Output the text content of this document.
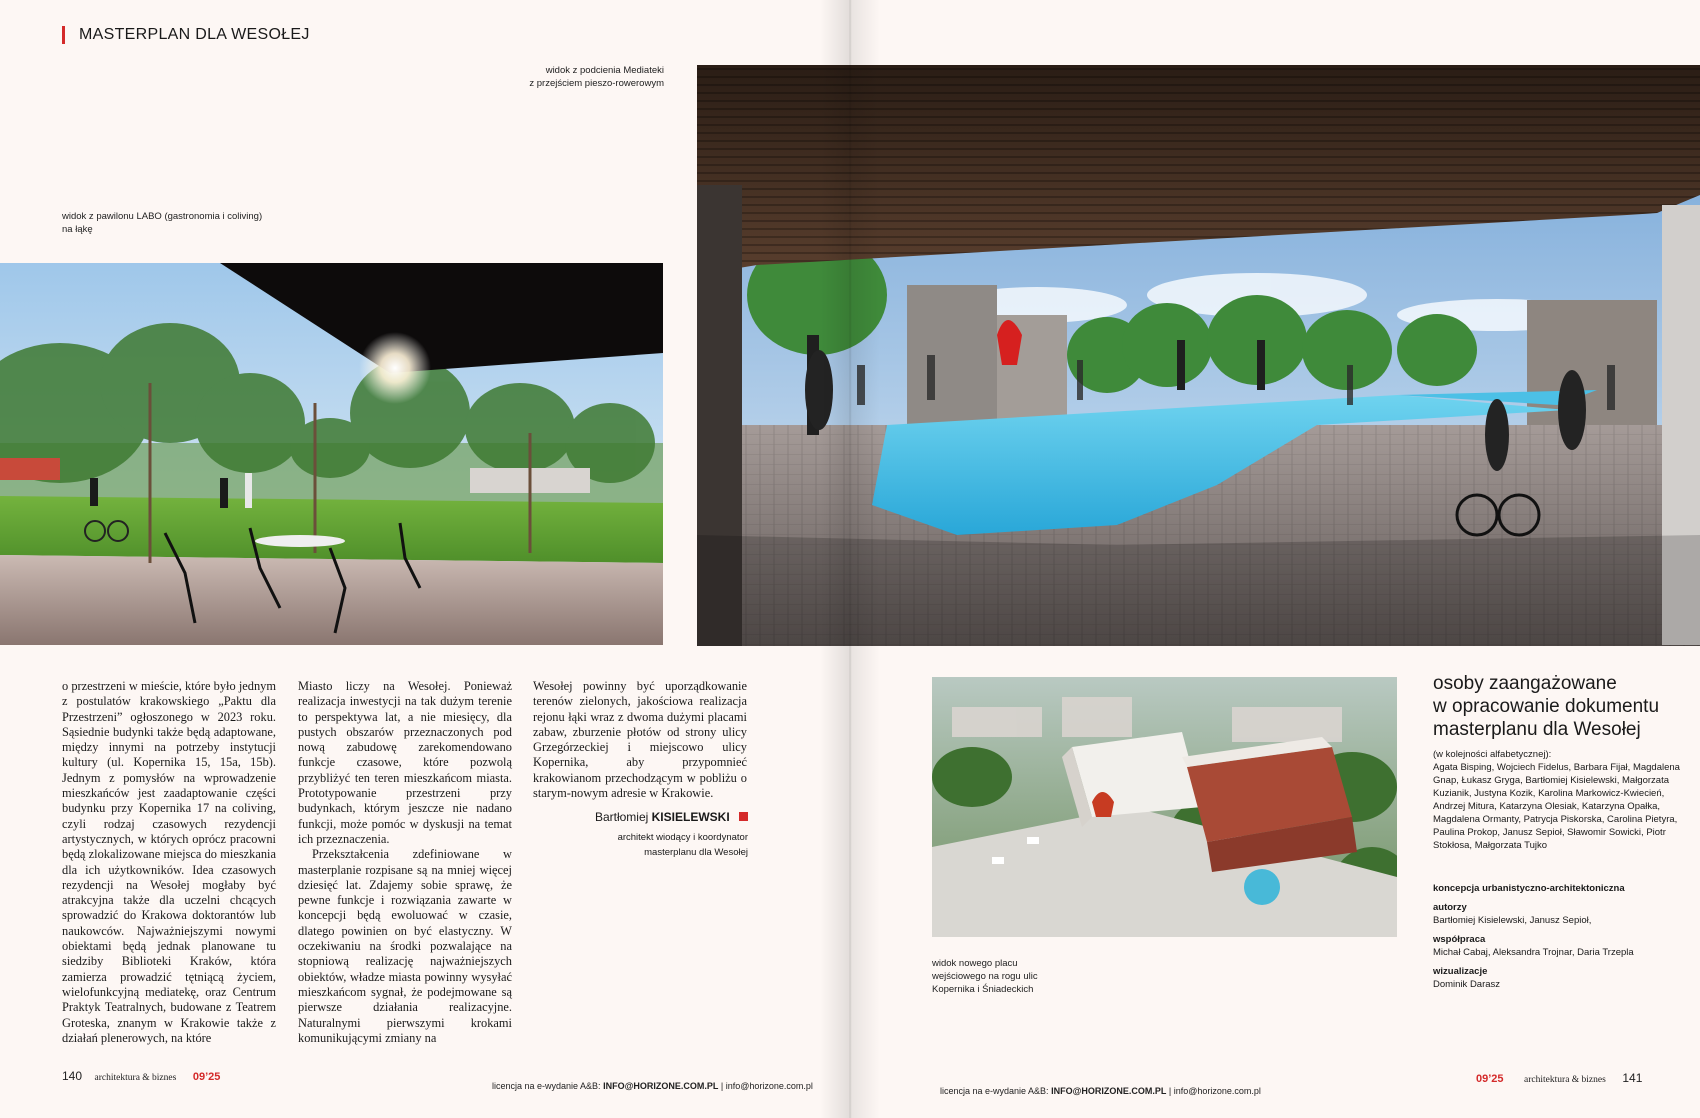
MASTERPLAN DLA WESOŁEJ
widok z pawilonu LABO (gastronomia i coliving)
na łąkę
widok z podcienia Mediateki
z przejściem pieszo-rowerowym

o przestrzeni w mieście, które było jednym z postulatów krakowskiego „Paktu dla Przestrzeni” ogłoszonego w 2023 roku. Sąsiednie budynki także będą adaptowane, między innymi na potrzeby instytucji kultury (ul. Kopernika 15, 15a, 15b). Jednym z pomysłów na wprowadzenie mieszkańców jest zaadaptowanie części budynku przy Kopernika 17 na coliving, czyli rodzaj czasowych rezydencji artystycznych, w których oprócz pracowni będą zlokalizowane miejsca do mieszkania dla ich użytkowników. Idea czasowych rezydencji na Wesołej mogłaby być atrakcyjna także dla uczelni chcących sprowadzić do Krakowa doktorantów lub naukowców. Najważniejszymi nowymi obiektami będą jednak planowane tu siedziby Biblioteki Kraków, która zamierza prowadzić tętniącą życiem, wielofunkcyjną mediatekę, oraz Centrum Praktyk Teatralnych, budowane z Teatrem Groteska, znanym w Krakowie także z działań plenerowych, na które

Miasto liczy na Wesołej. Ponieważ realizacja inwestycji na tak dużym terenie to perspektywa lat, a nie miesięcy, dla pustych obszarów przeznaczonych pod nową zabudowę zarekomendowano funkcje czasowe, które pozwolą przybliżyć ten teren mieszkańcom miasta. Prototypowanie przestrzeni przy budynkach, którym jeszcze nie nadano funkcji, może pomóc w dyskusji na temat ich przeznaczenia.

Przekształcenia zdefiniowane w masterplanie rozpisane są na mniej więcej dziesięć lat. Zdajemy sobie sprawę, że pewne funkcje i rozwiązania zawarte w koncepcji będą ewoluować w czasie, dlatego powinien on być elastyczny. W oczekiwaniu na środki pozwalające na stopniową realizację najważniejszych obiektów, władze miasta powinny wysyłać mieszkańcom sygnał, że podejmowane są pierwsze działania realizacyjne. Naturalnymi pierwszymi krokami komunikującymi zmiany na

Wesołej powinny być uporządkowanie terenów zielonych, jakościowa realizacja rejonu łąki wraz z dwoma dużymi placami zabaw, zburzenie płotów od strony ulicy Grzegórzeckiej i miejscowo ulicy Kopernika, aby przypomnieć krakowianom przechodzącym w pobliżu o starym-nowym adresie w Krakowie.

Bartłomiej KISIELEWSKI
architekt wiodący i koordynator
masterplanu dla Wesołej
140 architektura & biznes 09’25
licencja na e-wydanie A&B: INFO@HORIZONE.COM.PL | info@horizone.com.pl	licencja na e-wydanie A&B: INFO@HORIZONE.COM.PL | info@horizone.com.pl
09’25 architektura & biznes 141
widok nowego placu
wejściowego na rogu ulic
Kopernika i Śniadeckich
osoby zaangażowane
w opracowanie dokumentu
masterplanu dla Wesołej
(w kolejności alfabetycznej):
Agata Bisping, Wojciech Fidelus, Barbara Fijał, Magdalena Gnap, Łukasz Gryga, Bartłomiej Kisielewski, Małgorzata Kuzianik, Justyna Kozik, Karolina Markowicz-Kwiecień, Andrzej Mitura, Katarzyna Olesiak, Katarzyna Opałka, Magdalena Ormanty, Patrycja Piskorska, Carolina Pietyra, Paulina Prokop, Janusz Sepioł, Sławomir Sowicki, Piotr Stokłosa, Małgorzata Tujko
koncepcja urbanistyczno-architektoniczna
autorzy
Bartłomiej Kisielewski, Janusz Sepioł,
współpraca
Michał Cabaj, Aleksandra Trojnar, Daria Trzepla
wizualizacje
Dominik Darasz
